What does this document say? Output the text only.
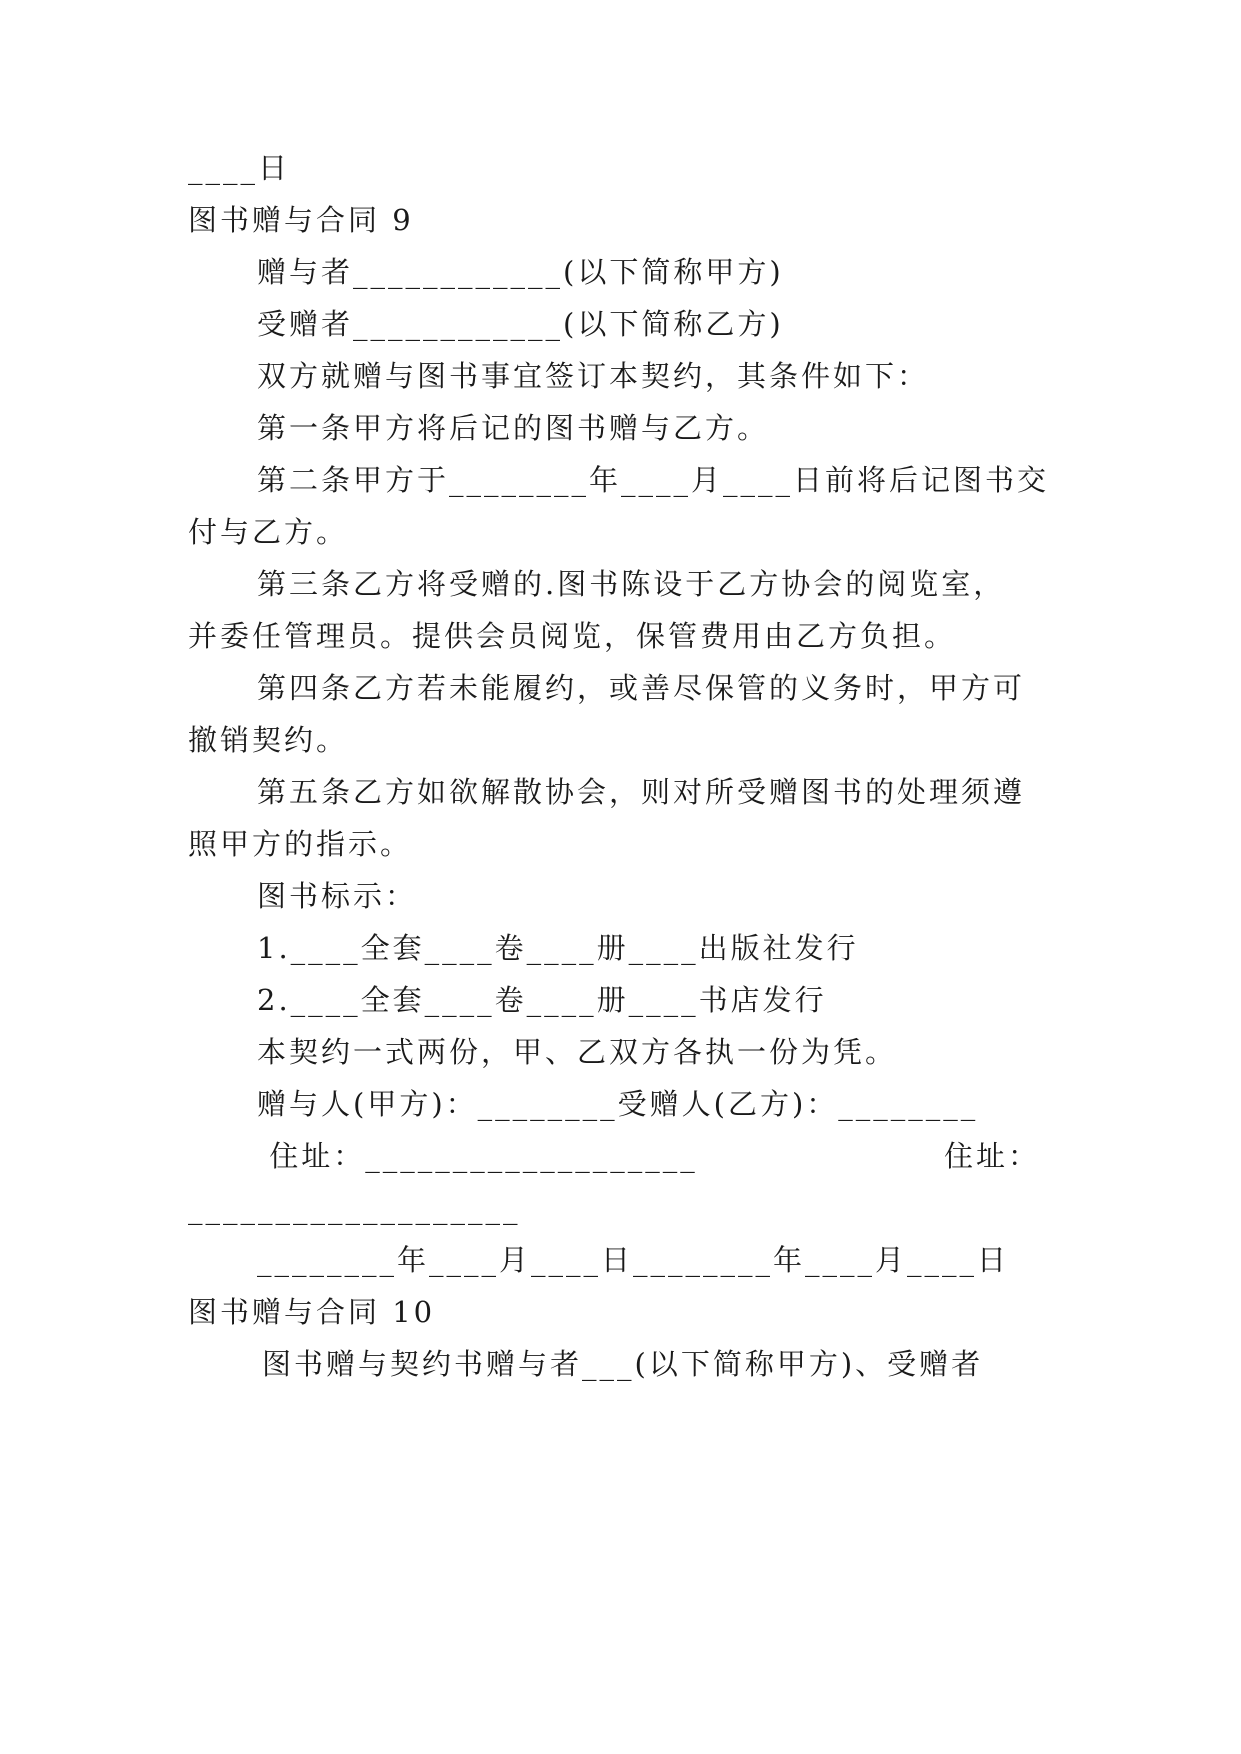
____日
图书赠与合同 9
赠与者____________(以下简称甲方)
受赠者____________(以下简称乙方)
双方就赠与图书事宜签订本契约，其条件如下：
第一条甲方将后记的图书赠与乙方。
第二条甲方于________年____月____日前将后记图书交
付与乙方。
第三条乙方将受赠的.图书陈设于乙方协会的阅览室，
并委任管理员。提供会员阅览，保管费用由乙方负担。
第四条乙方若未能履约，或善尽保管的义务时，甲方可
撤销契约。
第五条乙方如欲解散协会，则对所受赠图书的处理须遵
照甲方的指示。
图书标示：
1.____全套____卷____册____出版社发行
2.____全套____卷____册____书店发行
本契约一式两份，甲、乙双方各执一份为凭。
赠与人(甲方)：________受赠人(乙方)：________
住址：___________________	住址：
___________________
________年____月____日________年____月____日
图书赠与合同 10
图书赠与契约书赠与者___(以下简称甲方)、受赠者
